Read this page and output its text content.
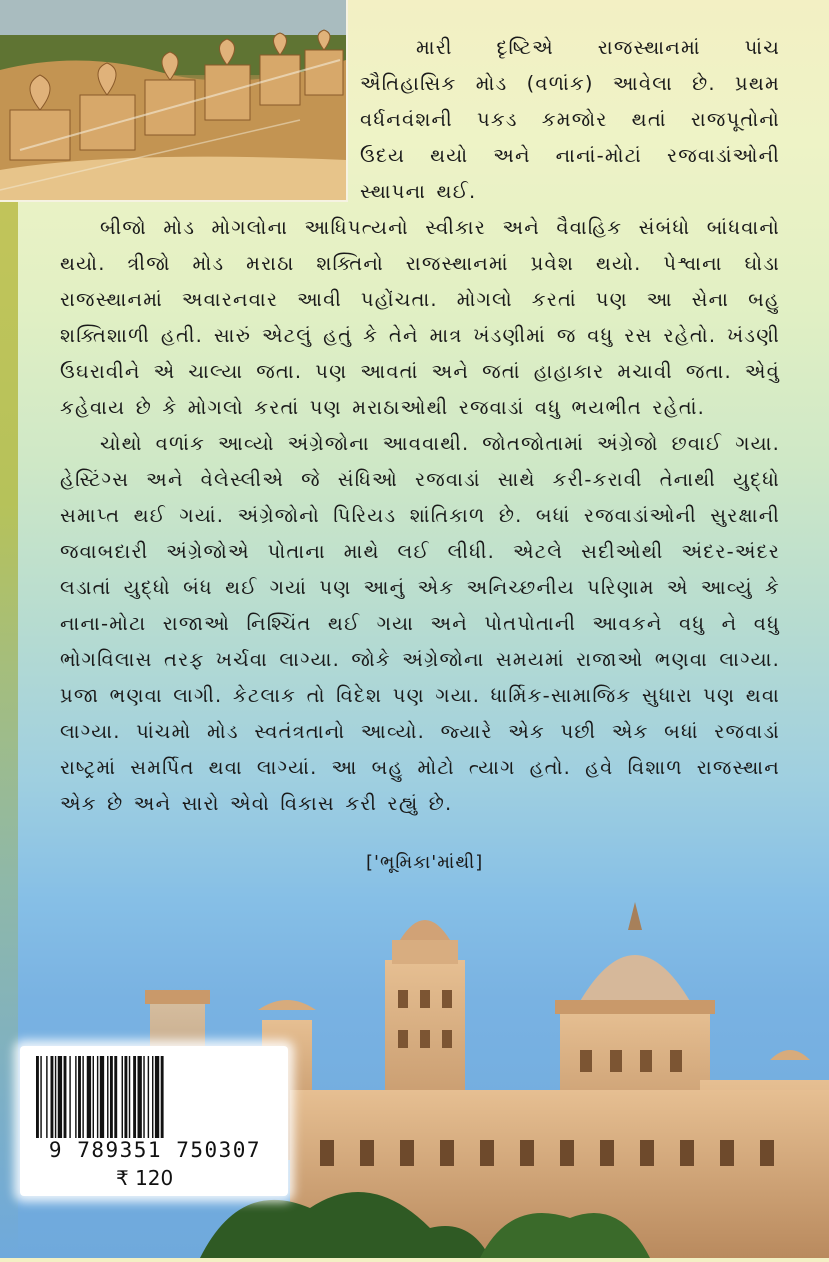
મારી દૃષ્ટિએ રાજસ્થાનમાં પાંચ ઐતિહાસિક મોડ (વળાંક) આવેલા છે. પ્રથમ વર્ધનવંશની પકડ કમજોર થતાં રાજપૂતોનો ઉદય થયો અને નાનાં-મોટાં રજવાડાંઓની સ્થાપના થઈ.

બીજો મોડ મોગલોના આધિપત્યનો સ્વીકાર અને વૈવાહિક સંબંધો બાંધવાનો થયો. ત્રીજો મોડ મરાઠા શક્તિનો રાજસ્થાનમાં પ્રવેશ થયો. પેશ્વાના ઘોડા રાજસ્થાનમાં અવારનવાર આવી પહોંચતા. મોગલો કરતાં પણ આ સેના બહુ શક્તિશાળી હતી. સારું એટલું હતું કે તેને માત્ર ખંડણીમાં જ વધુ રસ રહેતો. ખંડણી ઉઘરાવીને એ ચાલ્યા જતા. પણ આવતાં અને જતાં હાહાકાર મચાવી જતા. એવું કહેવાય છે કે મોગલો કરતાં પણ મરાઠાઓથી રજવાડાં વધુ ભયભીત રહેતાં.

ચોથો વળાંક આવ્યો અંગ્રેજોના આવવાથી. જોતજોતામાં અંગ્રેજો છવાઈ ગયા. હેસ્ટિંગ્સ અને વેલેસ્લીએ જે સંધિઓ રજવાડાં સાથે કરી-કરાવી તેનાથી યુદ્ધો સમાપ્ત થઈ ગયાં. અંગ્રેજોનો પિરિયડ શાંતિકાળ છે. બધાં રજવાડાંઓની સુરક્ષાની જવાબદારી અંગ્રેજોએ પોતાના માથે લઈ લીધી. એટલે સદીઓથી અંદર-અંદર લડાતાં યુદ્ધો બંધ થઈ ગયાં પણ આનું એક અનિચ્છનીય પરિણામ એ આવ્યું કે નાના-મોટા રાજાઓ નિશ્ચિંત થઈ ગયા અને પોતપોતાની આવકને વધુ ને વધુ ભોગવિલાસ તરફ ખર્ચવા લાગ્યા. જોકે અંગ્રેજોના સમયમાં રાજાઓ ભણવા લાગ્યા. પ્રજા ભણવા લાગી. કેટલાક તો વિદેશ પણ ગયા. ધાર્મિક-સામાજિક સુધારા પણ થવા લાગ્યા. પાંચમો મોડ સ્વતંત્રતાનો આવ્યો. જ્યારે એક પછી એક બધાં રજવાડાં રાષ્ટ્રમાં સમર્પિત થવા લાગ્યાં. આ બહુ મોટો ત્યાગ હતો. હવે વિશાળ રાજસ્થાન એક છે અને સારો એવો વિકાસ કરી રહ્યું છે.

['ભૂમિકા'માંથી]
9 789351 750307
₹ 120
